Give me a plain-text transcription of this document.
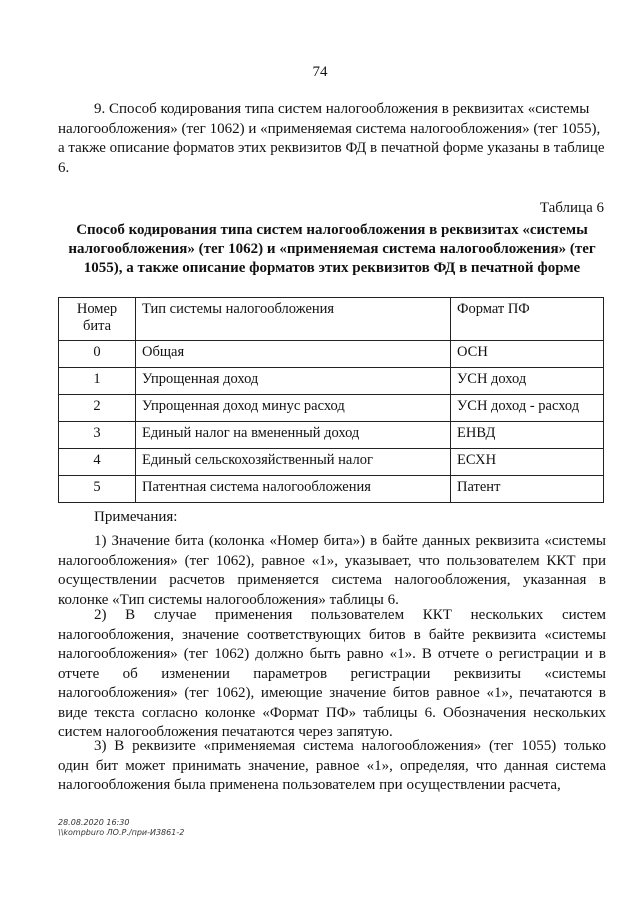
74

9. Способ кодирования типа систем налогообложения в реквизитах «системы налогообложения» (тег 1062) и «применяемая система налогообложения» (тег 1055), а также описание форматов этих реквизитов ФД в печатной форме указаны в таблице 6.

Таблица 6
Способ кодирования типа систем налогообложения в реквизитах «системы налогообложения» (тег 1062) и «применяемая система налогообложения» (тег 1055), а также описание форматов этих реквизитов ФД в печатной форме
Номер бита	Тип системы налогообложения	Формат ПФ
0	Общая	ОСН
1	Упрощенная доход	УСН доход
2	Упрощенная доход минус расход	УСН доход - расход
3	Единый налог на вмененный доход	ЕНВД
4	Единый сельскохозяйственный налог	ЕСХН
5	Патентная система налогообложения	Патент

Примечания:

1) Значение бита (колонка «Номер бита») в байте данных реквизита «системы налогообложения» (тег 1062), равное «1», указывает, что пользователем ККТ при осуществлении расчетов применяется система налогообложения, указанная в колонке «Тип системы налогообложения» таблицы 6.

2) В случае применения пользователем ККТ нескольких систем налогообложения, значение соответствующих битов в байте реквизита «системы налогообложения» (тег 1062) должно быть равно «1». В отчете о регистрации и в отчете об изменении параметров регистрации реквизиты «системы налогообложения» (тег 1062), имеющие значение битов равное «1», печатаются в виде текста согласно колонке «Формат ПФ» таблицы 6. Обозначения нескольких систем налогообложения печатаются через запятую.

3) В реквизите «применяемая система налогообложения» (тег 1055) только один бит может принимать значение, равное «1», определяя, что данная система налогообложения была применена пользователем при осуществлении расчета,

28.08.2020 16:30
\\kompburo ЛО.Р./при-И3861-2
